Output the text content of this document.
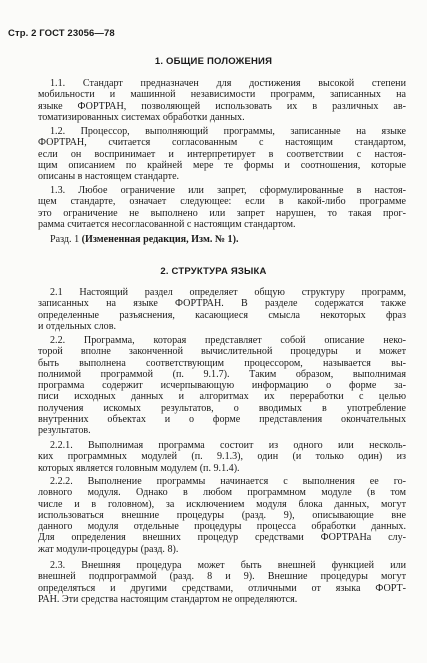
Стр. 2 ГОСТ 23056—78
1. ОБЩИЕ ПОЛОЖЕНИЯ
1.1. Стандарт предназначен для достижения высокой степени
мобильности и машинной независимости программ, записанных на
языке ФОРТРАН, позволяющей использовать их в различных ав-
томатизированных системах обработки данных.
1.2. Процессор, выполняющий программы, записанные на языке
ФОРТРАН, считается согласованным с настоящим стандартом,
если он воспринимает и интерпретирует в соответствии с настоя-
щим описанием по крайней мере те формы и соотношения, которые
описаны в настоящем стандарте.
1.3. Любое ограничение или запрет, сформулированные в настоя-
щем стандарте, означает следующее: если в какой-либо программе
это ограничение не выполнено или запрет нарушен, то такая прог-
рамма считается несогласованной с настоящим стандартом.
Разд. 1 (Измененная редакция, Изм. № 1).
2. СТРУКТУРА ЯЗЫКА
2.1 Настоящий раздел определяет общую структуру программ,
записанных на языке ФОРТРАН. В разделе содержатся также
определенные разъяснения, касающиеся смысла некоторых фраз
и отдельных слов.
2.2. Программа, которая представляет собой описание неко-
торой вполне законченной вычислительной процедуры и может
быть выполнена соответствующим процессором, называется вы-
полнимой программой (п. 9.1.7). Таким образом, выполнимая
программа содержит исчерпывающую информацию о форме за-
писи исходных данных и алгоритмах их переработки с целью
получения искомых результатов, о вводимых в употребление
внутренних объектах и о форме представления окончательных
результатов.
2.2.1. Выполнимая программа состоит из одного или несколь-
ких программных модулей (п. 9.1.3), один (и только один) из
которых является головным модулем (п. 9.1.4).
2.2.2. Выполнение программы начинается с выполнения ее го-
ловного модуля. Однако в любом программном модуле (в том
числе и в головном), за исключением модуля блока данных, могут
использоваться внешние процедуры (разд. 9), описывающие вне
данного модуля отдельные процедуры процесса обработки данных.
Для определения внешних процедур средствами ФОРТРАНа слу-
жат модули-процедуры (разд. 8).
2.3. Внешняя процедура может быть внешней функцией или
внешней подпрограммой (разд. 8 и 9). Внешние процедуры могут
определяться и другими средствами, отличными от языка ФОРТ-
РАН. Эти средства настоящим стандартом не определяются.
